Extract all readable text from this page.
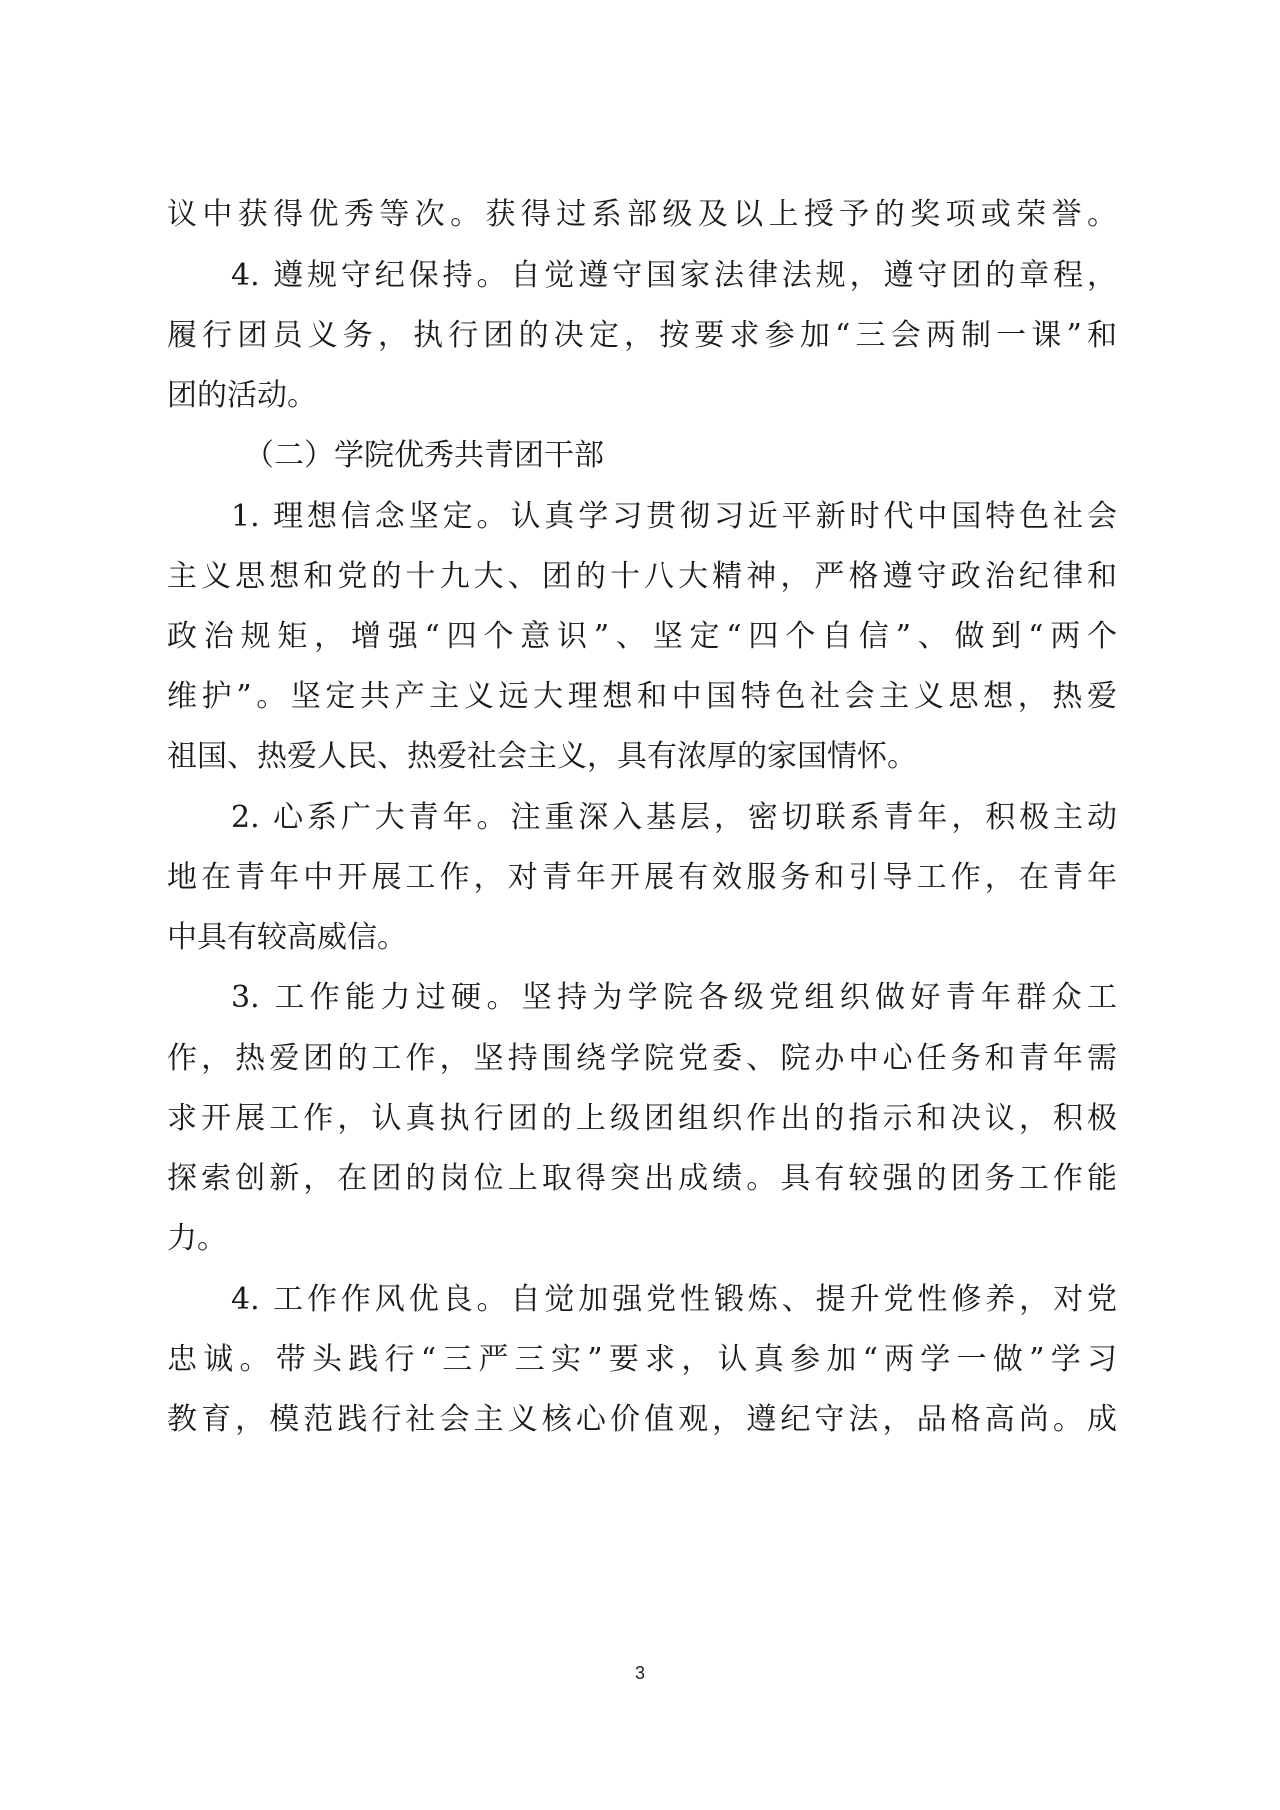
议中获得优秀等次。获得过系部级及以上授予的奖项或荣誉。
4. 遵规守纪保持。自觉遵守国家法律法规，遵守团的章程，
履行团员义务，执行团的决定，按要求参加“三会两制一课”和
团的活动。
（二）学院优秀共青团干部
1. 理想信念坚定。认真学习贯彻习近平新时代中国特色社会
主义思想和党的十九大、团的十八大精神，严格遵守政治纪律和
政治规矩，增强“四个意识”、坚定“四个自信”、做到“两个
维护”。坚定共产主义远大理想和中国特色社会主义思想，热爱
祖国、热爱人民、热爱社会主义，具有浓厚的家国情怀。
2. 心系广大青年。注重深入基层，密切联系青年，积极主动
地在青年中开展工作，对青年开展有效服务和引导工作，在青年
中具有较高威信。
3. 工作能力过硬。坚持为学院各级党组织做好青年群众工
作，热爱团的工作，坚持围绕学院党委、院办中心任务和青年需
求开展工作，认真执行团的上级团组织作出的指示和决议，积极
探索创新，在团的岗位上取得突出成绩。具有较强的团务工作能
力。
4. 工作作风优良。自觉加强党性锻炼、提升党性修养，对党
忠诚。带头践行“三严三实”要求，认真参加“两学一做”学习
教育，模范践行社会主义核心价值观，遵纪守法，品格高尚。成
3
